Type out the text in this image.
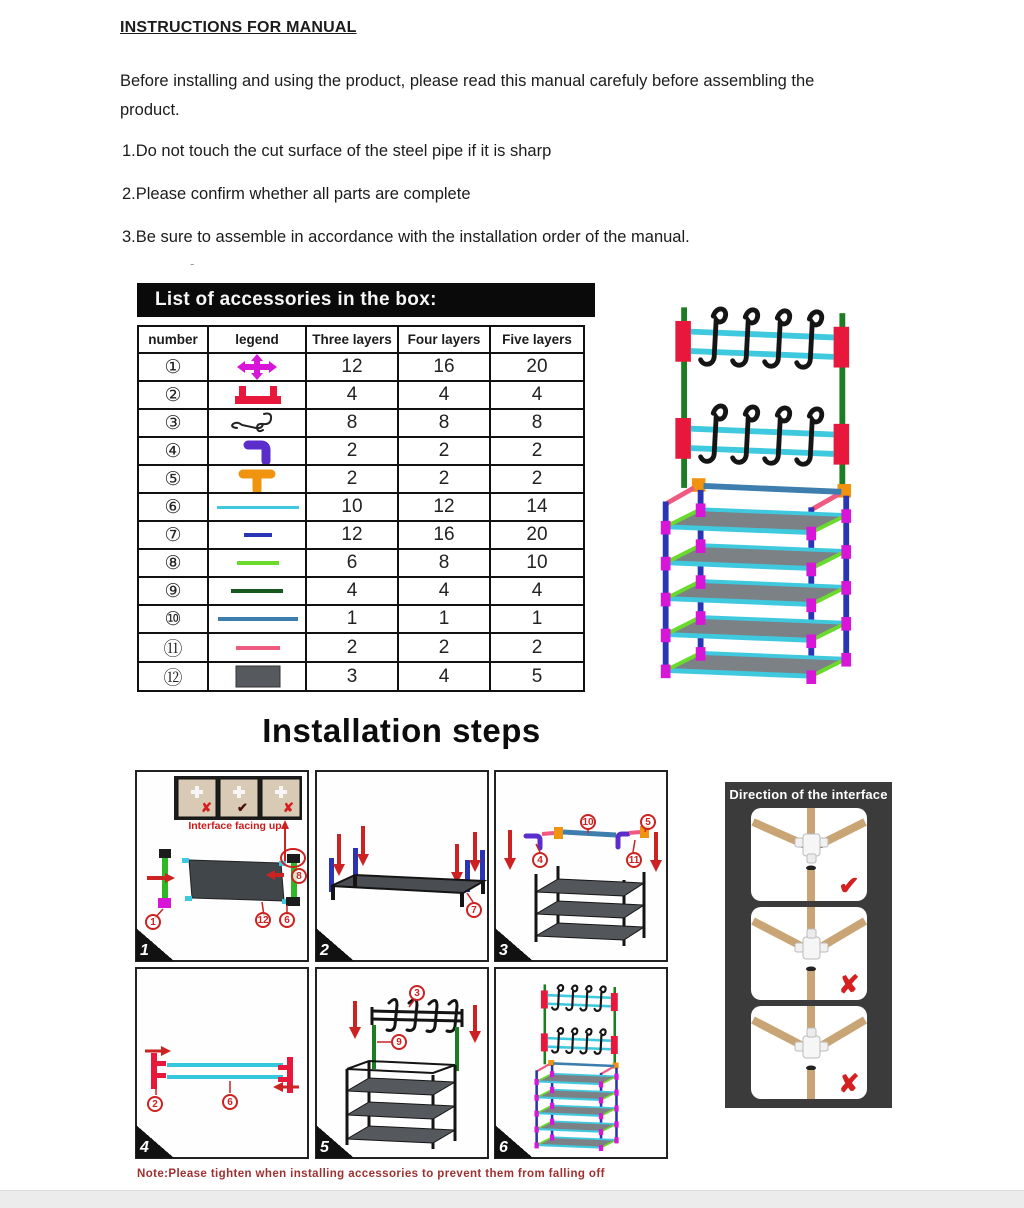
INSTRUCTIONS FOR MANUAL

Before installing and using the product, please read this manual carefuly before assembling the product.

1.Do not touch the cut surface of the steel pipe if it is sharp

2.Please confirm whether all parts are complete

3.Be sure to assemble in accordance with the installation order of the manual.

-
List of accessories in the box:
number	legend	Three layers	Four layers	Five layers
①		12	16	20
②		4	4	4
③		8	8	8
④		2	2	2
⑤		2	2	2
⑥		10	12	14
⑦		12	16	20
⑧		6	8	10
⑨		4	4	4
⑩		1	1	1
⑪		2	2	2
⑫		3	4	5
Installation steps
✘ ✔	✘
Interface facing up
1
8
12	6
1
7
2
4
10	5
11
3
2	6
4
3
9
5	6
Direction of the interface
✔
✘
✘
Note:Please tighten when installing accessories to prevent them from falling off
